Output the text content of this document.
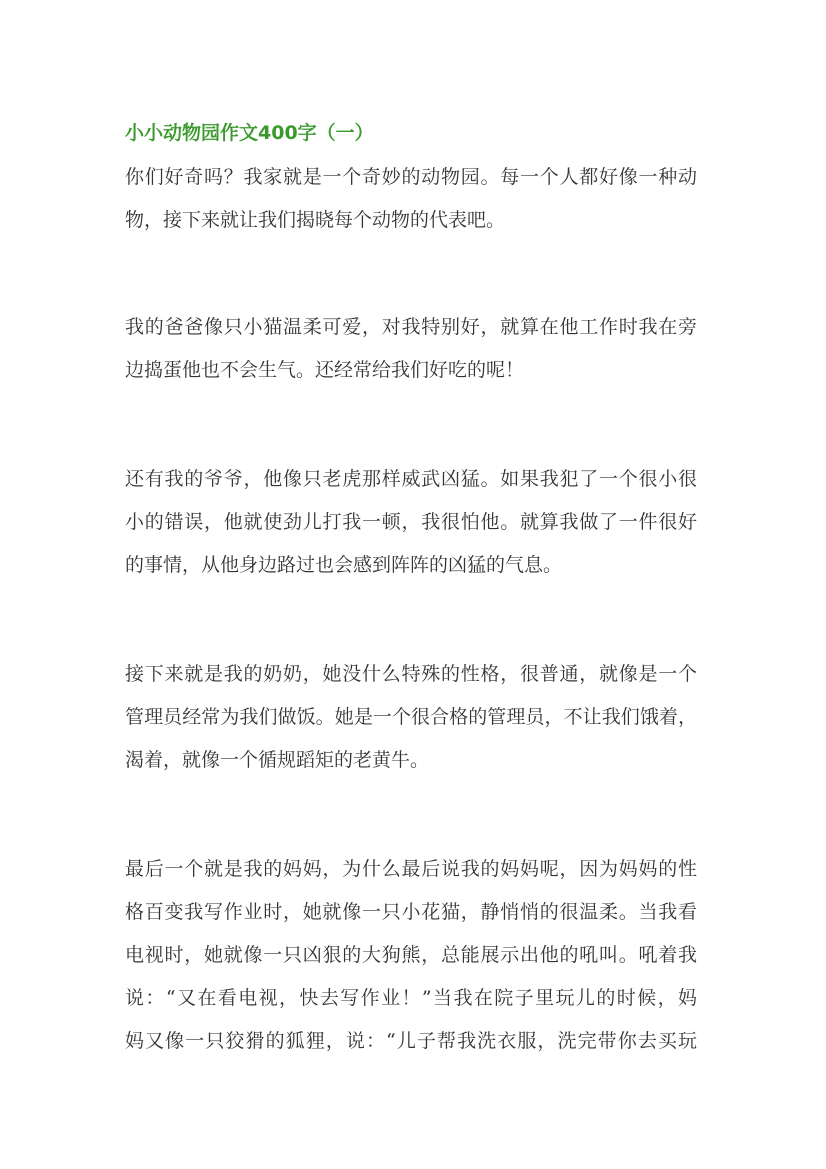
小小动物园作文400字（一）
你们好奇吗？我家就是一个奇妙的动物园。每一个人都好像一种动
物，接下来就让我们揭晓每个动物的代表吧。
我的爸爸像只小猫温柔可爱，对我特别好，就算在他工作时我在旁
边捣蛋他也不会生气。还经常给我们好吃的呢！
还有我的爷爷，他像只老虎那样威武凶猛。如果我犯了一个很小很
小的错误，他就使劲儿打我一顿，我很怕他。就算我做了一件很好
的事情，从他身边路过也会感到阵阵的凶猛的气息。
接下来就是我的奶奶，她没什么特殊的性格，很普通，就像是一个
管理员经常为我们做饭。她是一个很合格的管理员，不让我们饿着，
渴着，就像一个循规蹈矩的老黄牛。
最后一个就是我的妈妈，为什么最后说我的妈妈呢，因为妈妈的性
格百变我写作业时，她就像一只小花猫，静悄悄的很温柔。当我看
电视时，她就像一只凶狠的大狗熊，总能展示出他的吼叫。吼着我
说：“又在看电视，快去写作业！”当我在院子里玩儿的时候，妈
妈又像一只狡猾的狐狸，说：“儿子帮我洗衣服，洗完带你去买玩
